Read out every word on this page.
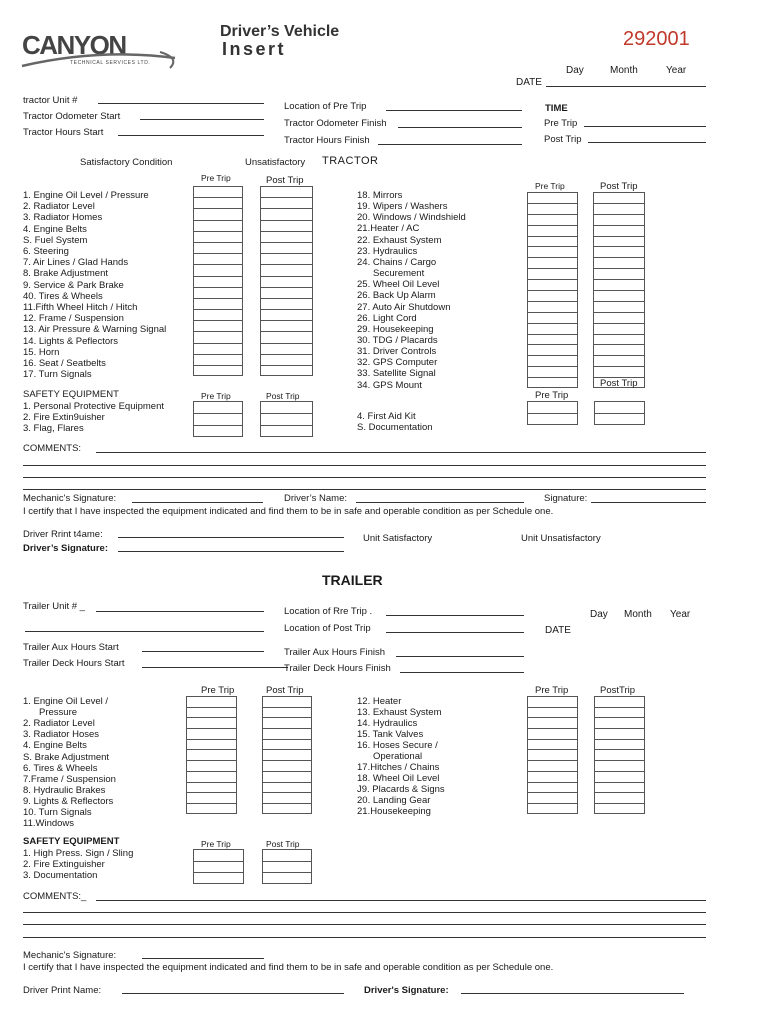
CANYON
TECHNICAL SERVICES LTD.
Driver’s Vehicle
Insert	292001
Day	Month	Year
DATE
tractor Unit #
Tractor Odometer Start
Tractor Hours Start
Location of Pre Trip
Tractor Odometer Finish
Tractor Hours Finish
TIME
Pre Trip
Post Trip
Satisfactory Condition	Unsatisfactory TRACTOR
Pre Trip	Post Trip	Pre Trip	Post Trip
1. Engine Oil Level / Pressure
2. Radiator Level
3. Radiator Homes
4. Engine Belts
S. Fuel System
6. Steering
7. Air Lines / Glad Hands
8. Brake Adjustment
9. Service & Park Brake
40. Tires & Wheels
11.Fifth Wheel Hitch / Hitch
12. Frame / Suspension
13. Air Pressure & Warning Signal
14. Lights & Peflectors
15. Horn
16. Seat / Seatbelts
17. Turn Signals
18. Mirrors
19. Wipers / Washers
20. Windows / Windshield
21.Heater / AC
22. Exhaust System
23. Hydraulics
24. Chains / Cargo
Securement
25. Wheel Oil Level
26. Back Up Alarm
27. Auto Air Shutdown
26. Light Cord
29. Housekeeping
30. TDG / Placards
31. Driver Controls
32. GPS Computer
33. Satellite Signal
34. GPS Mount
SAFETY EQUIPMENT	Pre Trip	Post Trip
1. Personal Protective Equipment
2. Fire Extin9uisher
3. Flag, Flares
Pre Trip
Post Trip
4. First Aid Kit
S. Documentation
COMMENTS:
Mechanic's Signature:	Driver’s Name:	Signature:
I certify that I have inspected the equipment indicated and find them to be in safe and operable condition as per Schedule one.
Driver Rrint t4ame:
Driver’s Signature:
Unit Satisfactory	Unit Unsatisfactory
TRAILER
Trailer Unit # _	Location of Rre Trip .
Location of Post Trip
Day Month Year
DATE
Trailer Aux Hours Start
Trailer Deck Hours Start
Trailer Aux Hours Finish
Trailer Deck Hours Finish
Pre Trip	Post Trip	Pre Trip	PostTrip
1. Engine Oil Level /
Pressure
2. Radiator Level
3. Radiator Hoses
4. Engine Belts
S. Brake Adjustment
6. Tires & Wheels
7.Frame / Suspension
8. Hydraulic Brakes
9. Lights & Reflectors
10. Turn Signals
11.Windows
12. Heater
13. Exhaust System
14. Hydraulics
15. Tank Valves
16. Hoses Secure /
Operational
17.Hitches / Chains
18. Wheel Oil Level
J9. Placards & Signs
20. Landing Gear
21.Housekeeping
SAFETY EQUIPMENT	Pre Trip	Post Trip
1. High Press. Sign / Sling
2. Fire Extinguisher
3. Documentation
COMMENTS:_
Mechanic's Signature:
I certify that I have inspected the equipment indicated and find them to be in safe and operable condition as per Schedule one.
Driver Print Name:	Driver's Signature:
